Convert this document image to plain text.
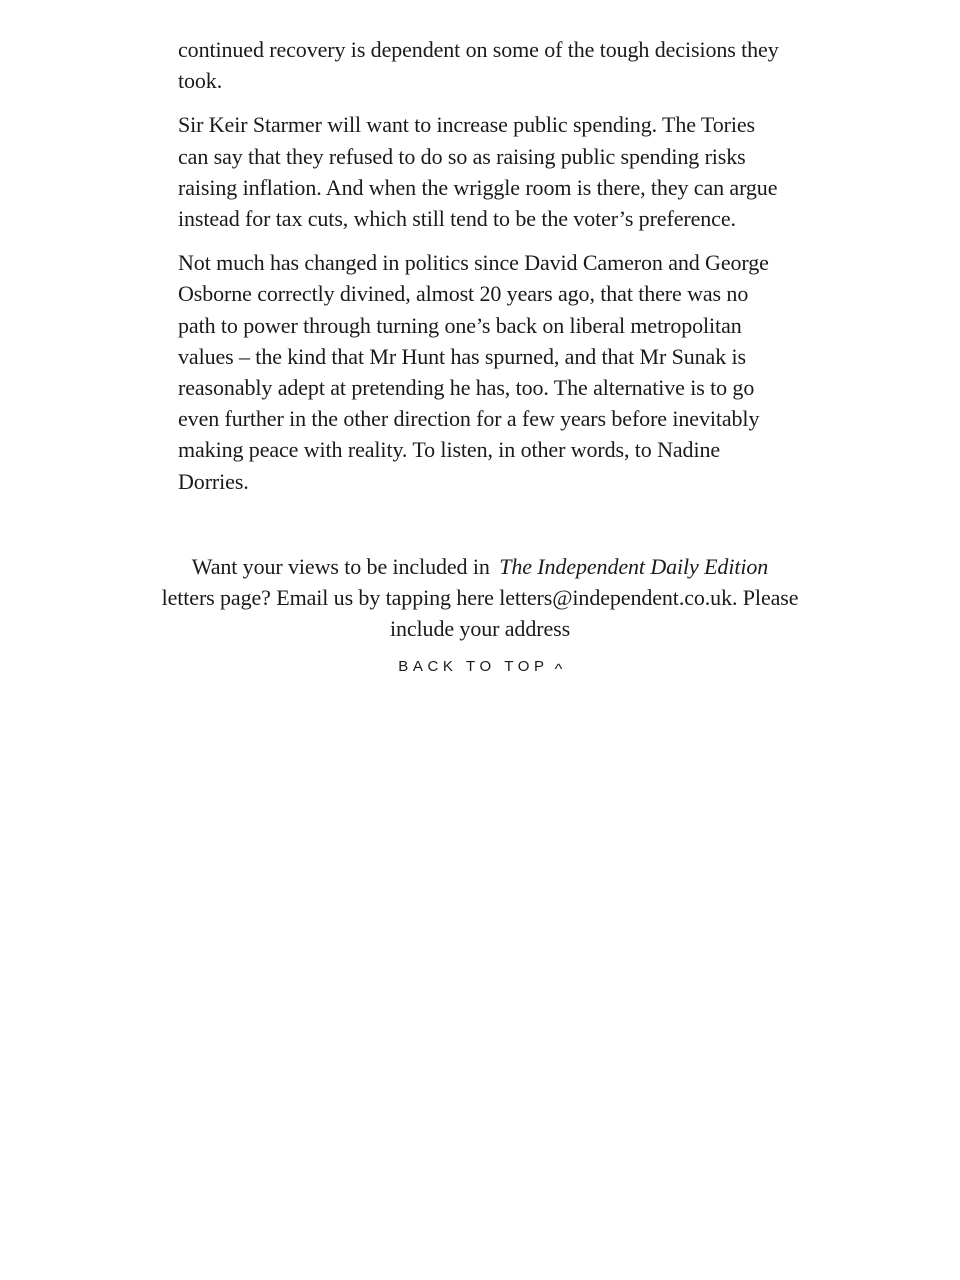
continued recovery is dependent on some of the tough decisions they took.

Sir Keir Starmer will want to increase public spending. The Tories can say that they refused to do so as raising public spending risks raising inflation. And when the wriggle room is there, they can argue instead for tax cuts, which still tend to be the voter’s preference.

Not much has changed in politics since David Cameron and George Osborne correctly divined, almost 20 years ago, that there was no path to power through turning one’s back on liberal metropolitan values – the kind that Mr Hunt has spurned, and that Mr Sunak is reasonably adept at pretending he has, too. The alternative is to go even further in the other direction for a few years before inevitably making peace with reality. To listen, in other words, to Nadine Dorries.

Want your views to be included in The Independent Daily Edition
letters page? Email us by tapping here letters@independent.co.uk. Please include your address
BACK TO TOP ^
